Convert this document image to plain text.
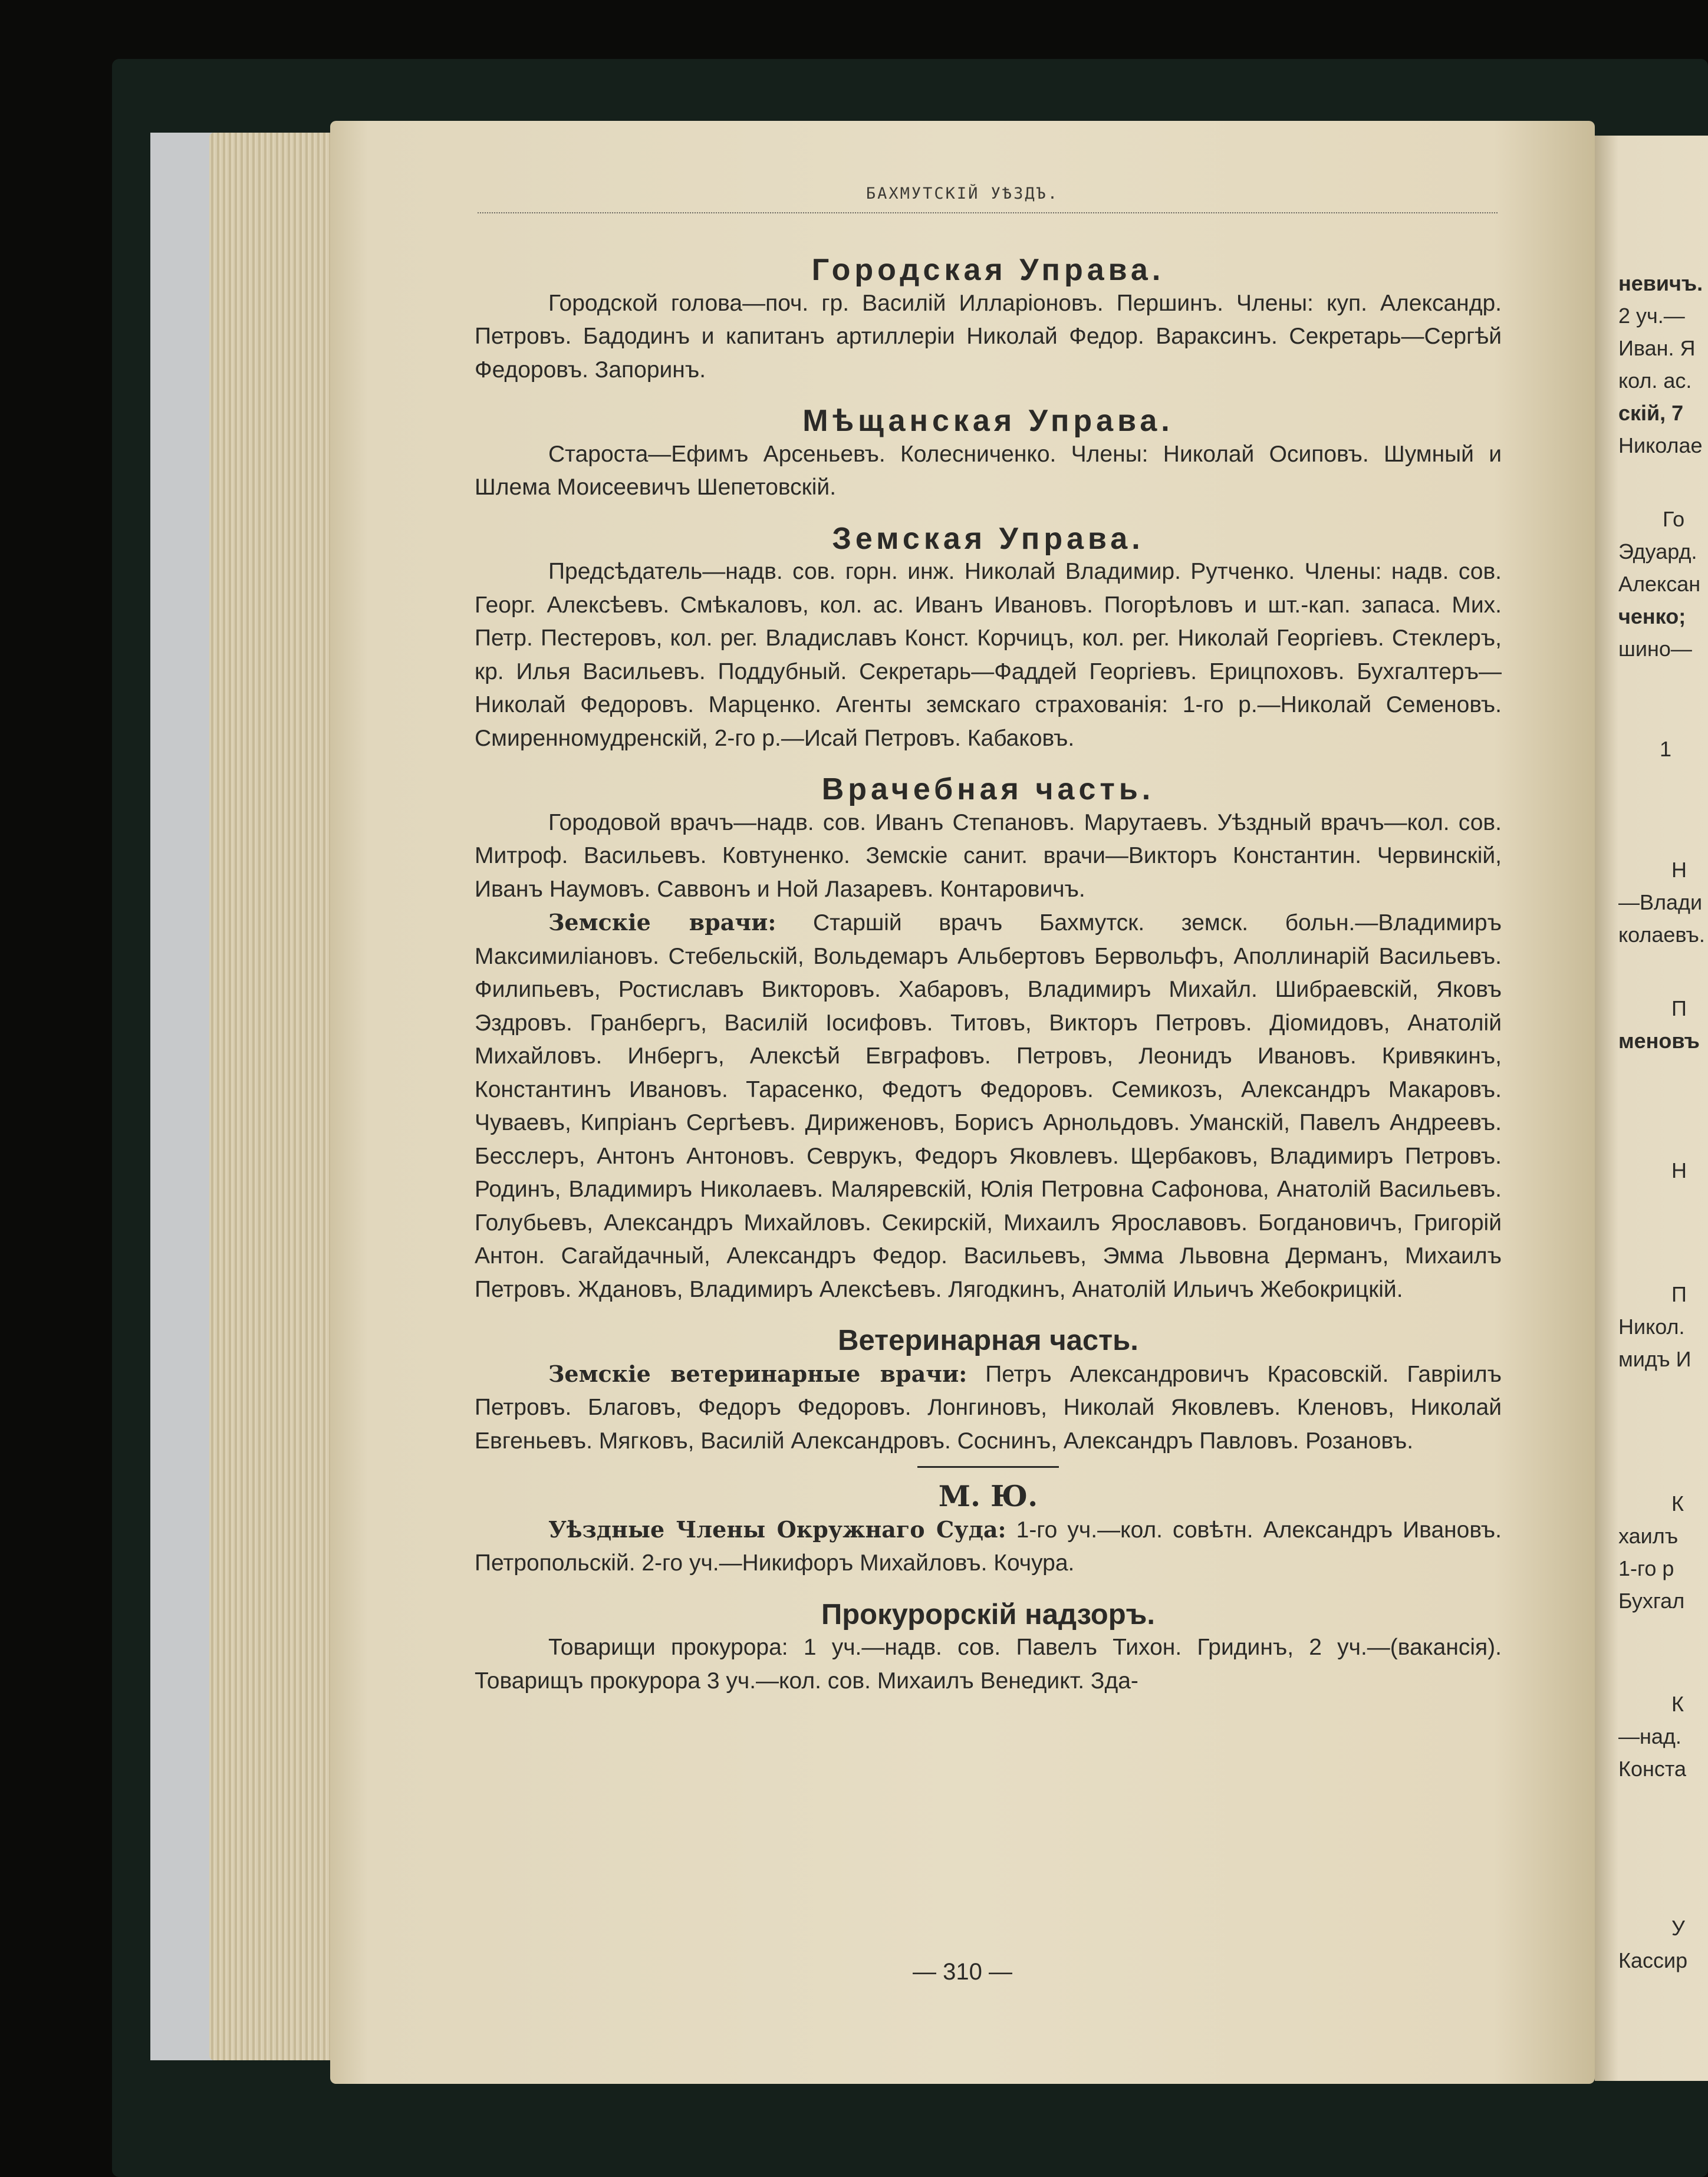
БАХМУТСКIЙ УѢЗДЪ.

Городская Управа.

Городской голова—поч. гр. Василiй Илларiоновъ. Першинъ. Члены: куп. Александр. Петровъ. Бадодинъ и капитанъ артиллерiи Николай Федор. Вараксинъ. Секретарь—Сергѣй Федоровъ. Запоринъ.

Мѣщанская Управа.

Староста—Ефимъ Арсеньевъ. Колесниченко. Члены: Николай Осиповъ. Шумный и Шлема Моисеевичъ Шепетовскiй.

Земская Управа.

Предсѣдатель—надв. сов. горн. инж. Николай Владимир. Рутченко. Члены: надв. сов. Георг. Алексѣевъ. Смѣкаловъ, кол. ас. Иванъ Ивановъ. Погорѣловъ и шт.-кап. запаса. Мих. Петр. Пестеровъ, кол. рег. Владиславъ Конст. Корчицъ, кол. рег. Николай Георгiевъ. Стеклеръ, кр. Илья Васильевъ. Поддубный. Секретарь—Фаддей Георгiевъ. Ерицпоховъ. Бухгалтеръ—Николай Федоровъ. Марценко. Агенты земскаго страхованiя: 1-го р.—Николай Семеновъ. Смиренномудренскiй, 2-го р.—Исай Петровъ. Кабаковъ.

Врачебная часть.

Городовой врачъ—надв. сов. Иванъ Степановъ. Марутаевъ. Уѣздный врачъ—кол. сов. Митроф. Васильевъ. Ковтуненко. Земскiе санит. врачи—Викторъ Константин. Червинскiй, Иванъ Наумовъ. Саввонъ и Ной Лазаревъ. Контаровичъ.

Земскiе врачи: Старшiй врачъ Бахмутск. земск. больн.—Владимиръ Максимилiановъ. Стебельскiй, Вольдемаръ Альбертовъ Бервольфъ, Аполлинарiй Васильевъ. Филипьевъ, Ростиславъ Викторовъ. Хабаровъ, Владимиръ Михайл. Шибраевскiй, Яковъ Эздровъ. Гранбергъ, Василiй Iосифовъ. Титовъ, Викторъ Петровъ. Дiомидовъ, Анатолiй Михайловъ. Инбергъ, Алексѣй Евграфовъ. Петровъ, Леонидъ Ивановъ. Кривякинъ, Константинъ Ивановъ. Тарасенко, Федотъ Федоровъ. Семикозъ, Александръ Макаровъ. Чуваевъ, Кипрiанъ Сергѣевъ. Дириженовъ, Борисъ Арнольдовъ. Уманскiй, Павелъ Андреевъ. Бесслеръ, Антонъ Антоновъ. Севрукъ, Федоръ Яковлевъ. Щербаковъ, Владимиръ Петровъ. Родинъ, Владимиръ Николаевъ. Маляревскiй, Юлiя Петровна Сафонова, Анатолiй Васильевъ. Голубьевъ, Александръ Михайловъ. Секирскiй, Михаилъ Ярославовъ. Богдановичъ, Григорiй Антон. Сагайдачный, Александръ Федор. Васильевъ, Эмма Львовна Дерманъ, Михаилъ Петровъ. Ждановъ, Владимиръ Алексѣевъ. Лягодкинъ, Анатолiй Ильичъ Жебокрицкiй.

Ветеринарная часть.

Земскiе ветеринарные врачи: Петръ Александровичъ Красовскiй. Гаврiилъ Петровъ. Благовъ, Федоръ Федоровъ. Лонгиновъ, Николай Яковлевъ. Кленовъ, Николай Евгеньевъ. Мягковъ, Василiй Александровъ. Соснинъ, Александръ Павловъ. Розановъ.

М. Ю.

Уѣздные Члены Окружнаго Суда: 1-го уч.—кол. совѣтн. Александръ Ивановъ. Петропольскiй. 2-го уч.—Никифоръ Михайловъ. Кочура.

Прокурорскiй надзоръ.

Товарищи прокурора: 1 уч.—надв. сов. Павелъ Тихон. Гридинъ, 2 уч.—(вакансiя). Товарищъ прокурора 3 уч.—кол. сов. Михаилъ Венедикт. Зда-

— 310 —
невичъ.
2 уч.—
Иван. Я
кол. ас.
скiй, 7
Николае
Го
Эдуард.
Алексан
ченко;
шино—
1
Н
—Влади
колаевъ.
П
меновъ
Н
П
Никол.
мидъ И
К
хаилъ
1-го р
Бухгал
К
—над.
Конста
У
Кассир
